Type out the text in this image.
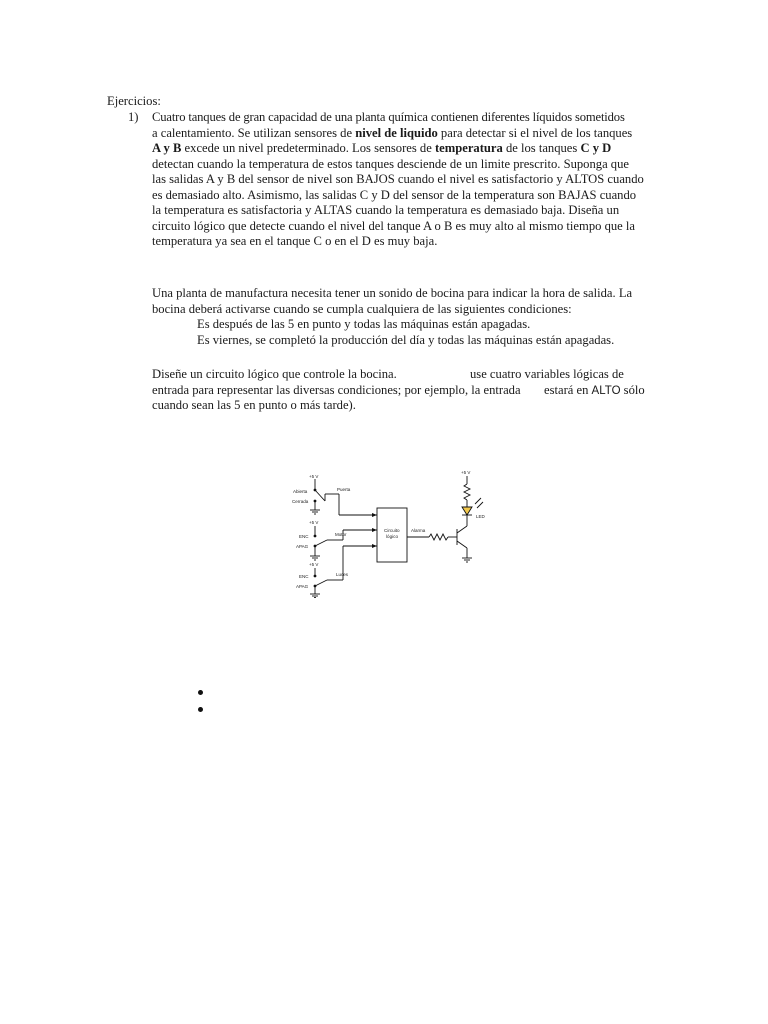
Ejercicios:
1) Cuatro tanques de gran capacidad de una planta química contienen diferentes líquidos sometidos
a calentamiento. Se utilizan sensores de nivel de liquido para detectar si el nivel de los tanques
A y B excede un nivel predeterminado. Los sensores de temperatura de los tanques C y D
detectan cuando la temperatura de estos tanques desciende de un limite prescrito. Suponga que
las salidas A y B del sensor de nivel son BAJOS cuando el nivel es satisfactorio y ALTOS cuando
es demasiado alto. Asimismo, las salidas C y D del sensor de la temperatura son BAJAS cuando
la temperatura es satisfactoria y ALTAS cuando la temperatura es demasiado baja. Diseña un
circuito lógico que detecte cuando el nivel del tanque A o B es muy alto al mismo tiempo que la
temperatura ya sea en el tanque C o en el D es muy baja.
Una planta de manufactura necesita tener un sonido de bocina para indicar la hora de salida. La
bocina deberá activarse cuando se cumpla cualquiera de las siguientes condiciones:
Es después de las 5 en punto y todas las máquinas están apagadas.
Es viernes, se completó la producción del día y todas las máquinas están apagadas.
Diseñe un circuito lógico que controle la bocina.	use cuatro variables lógicas de
entrada para representar las diversas condiciones; por ejemplo, la entrada estará en ALTO sólo
cuando sean las 5 en punto o más tarde).
+5 V
Abierta
Cerrada
Puerta
+5 V
ENC
APAG
Motor
+5 V
ENC
APAG
Luces
Circuito
lógico
Alarma
+5 V
LED
